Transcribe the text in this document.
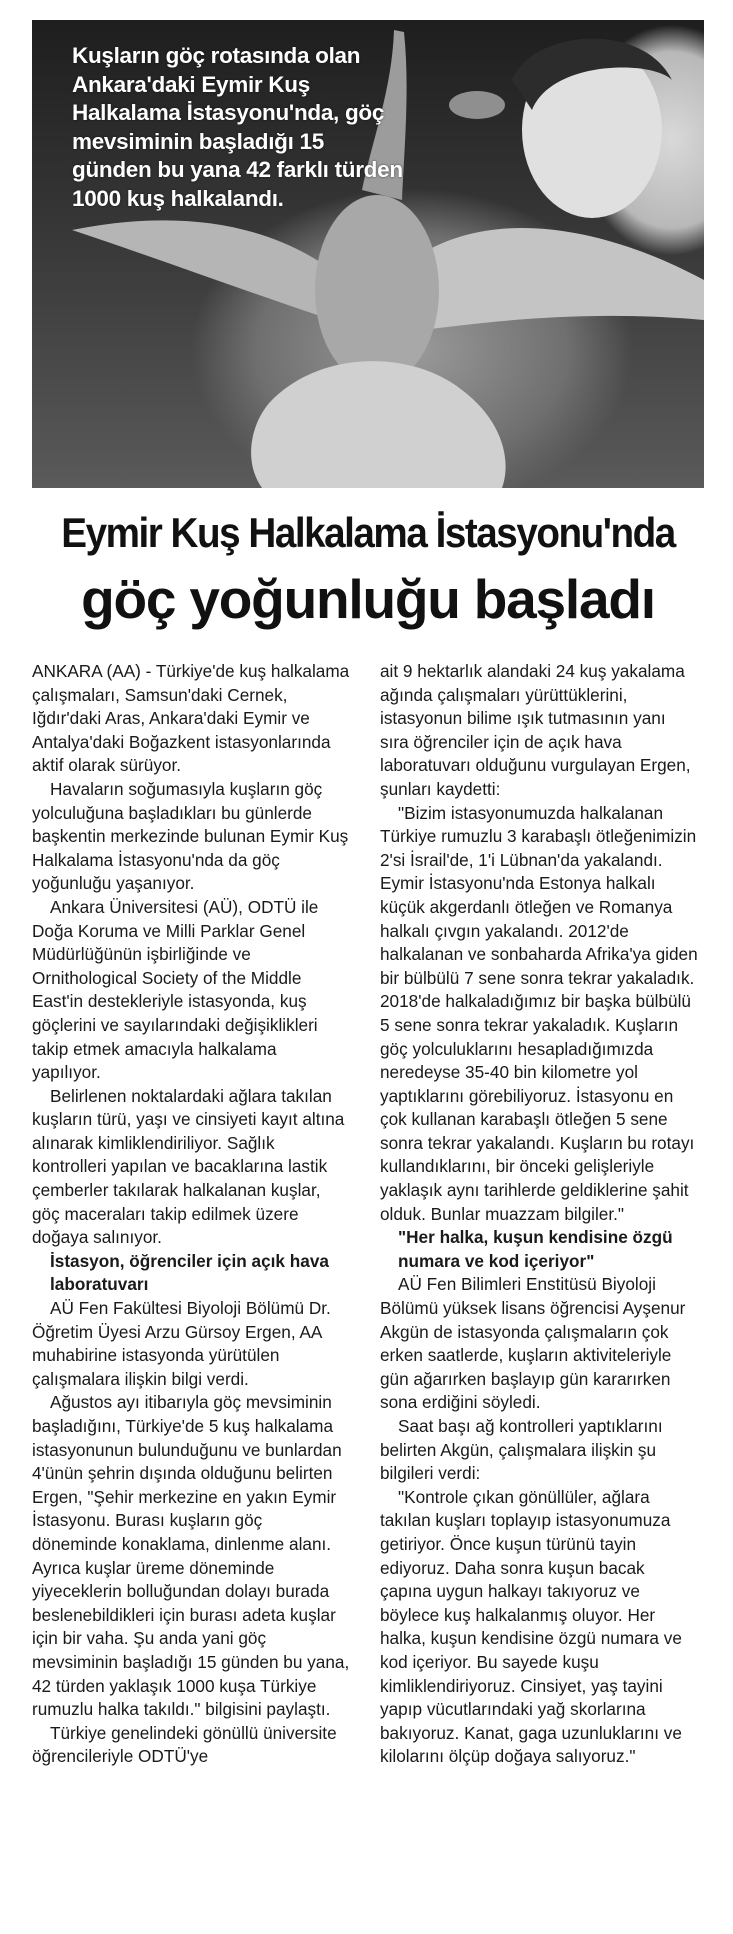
Kuşların göç rotasında olan Ankara'daki Eymir Kuş Halkalama İstasyonu'nda, göç mevsiminin başladığı 15 günden bu yana 42 farklı türden 1000 kuş halkalandı.
Eymir Kuş Halkalama İstasyonu'nda
göç yoğunluğu başladı

ANKARA (AA) - Türkiye'de kuş halkalama çalışmaları, Samsun'daki Cernek, Iğdır'daki Aras, Ankara'daki Eymir ve Antalya'daki Boğazkent istasyonlarında aktif olarak sürüyor.

Havaların soğumasıyla kuşların göç yolculuğuna başladıkları bu günlerde başkentin merkezinde bulunan Eymir Kuş Halkalama İstasyonu'nda da göç yoğunluğu yaşanıyor.

Ankara Üniversitesi (AÜ), ODTÜ ile Doğa Koruma ve Milli Parklar Genel Müdürlüğünün işbirliğinde ve Ornithological Society of the Middle East'in destekleriyle istasyonda, kuş göçlerini ve sayılarındaki değişiklikleri takip etmek amacıyla halkalama yapılıyor.

Belirlenen noktalardaki ağlara takılan kuşların türü, yaşı ve cinsiyeti kayıt altına alınarak kimliklendiriliyor. Sağlık kontrolleri yapılan ve bacaklarına lastik çemberler takılarak halkalanan kuşlar, göç maceraları takip edilmek üzere doğaya salınıyor.

İstasyon, öğrenciler için açık hava laboratuvarı

AÜ Fen Fakültesi Biyoloji Bölümü Dr. Öğretim Üyesi Arzu Gürsoy Ergen, AA muhabirine istasyonda yürütülen çalışmalara ilişkin bilgi verdi.

Ağustos ayı itibarıyla göç mevsiminin başladığını, Türkiye'de 5 kuş halkalama istasyonunun bulunduğunu ve bunlardan 4'ünün şehrin dışında olduğunu belirten Ergen, "Şehir merkezine en yakın Eymir İstasyonu. Burası kuşların göç döneminde konaklama, dinlenme alanı. Ayrıca kuşlar üreme döneminde yiyeceklerin bolluğundan dolayı burada beslenebildikleri için burası adeta kuşlar için bir vaha. Şu anda yani göç mevsiminin başladığı 15 günden bu yana, 42 türden yaklaşık 1000 kuşa Türkiye rumuzlu halka takıldı." bilgisini paylaştı.

Türkiye genelindeki gönüllü üniversite öğrencileriyle ODTÜ'ye

ait 9 hektarlık alandaki 24 kuş yakalama ağında çalışmaları yürüttüklerini, istasyonun bilime ışık tutmasının yanı sıra öğrenciler için de açık hava laboratuvarı olduğunu vurgulayan Ergen, şunları kaydetti:

"Bizim istasyonumuzda halkalanan Türkiye rumuzlu 3 karabaşlı ötleğenimizin 2'si İsrail'de, 1'i Lübnan'da yakalandı. Eymir İstasyonu'nda Estonya halkalı küçük akgerdanlı ötleğen ve Romanya halkalı çıvgın yakalandı. 2012'de halkalanan ve sonbaharda Afrika'ya giden bir bülbülü 7 sene sonra tekrar yakaladık. 2018'de halkaladığımız bir başka bülbülü 5 sene sonra tekrar yakaladık. Kuşların göç yolculuklarını hesapladığımızda neredeyse 35-40 bin kilometre yol yaptıklarını görebiliyoruz. İstasyonu en çok kullanan karabaşlı ötleğen 5 sene sonra tekrar yakalandı. Kuşların bu rotayı kullandıklarını, bir önceki gelişleriyle yaklaşık aynı tarihlerde geldiklerine şahit olduk. Bunlar muazzam bilgiler."

"Her halka, kuşun kendisine özgü numara ve kod içeriyor"

AÜ Fen Bilimleri Enstitüsü Biyoloji Bölümü yüksek lisans öğrencisi Ayşenur Akgün de istasyonda çalışmaların çok erken saatlerde, kuşların aktiviteleriyle gün ağarırken başlayıp gün kararırken sona erdiğini söyledi.

Saat başı ağ kontrolleri yaptıklarını belirten Akgün, çalışmalara ilişkin şu bilgileri verdi:

"Kontrole çıkan gönüllüler, ağlara takılan kuşları toplayıp istasyonumuza getiriyor. Önce kuşun türünü tayin ediyoruz. Daha sonra kuşun bacak çapına uygun halkayı takıyoruz ve böylece kuş halkalanmış oluyor. Her halka, kuşun kendisine özgü numara ve kod içeriyor. Bu sayede kuşu kimliklendiriyoruz. Cinsiyet, yaş tayini yapıp vücutlarındaki yağ skorlarına bakıyoruz. Kanat, gaga uzunluklarını ve kilolarını ölçüp doğaya salıyoruz."
